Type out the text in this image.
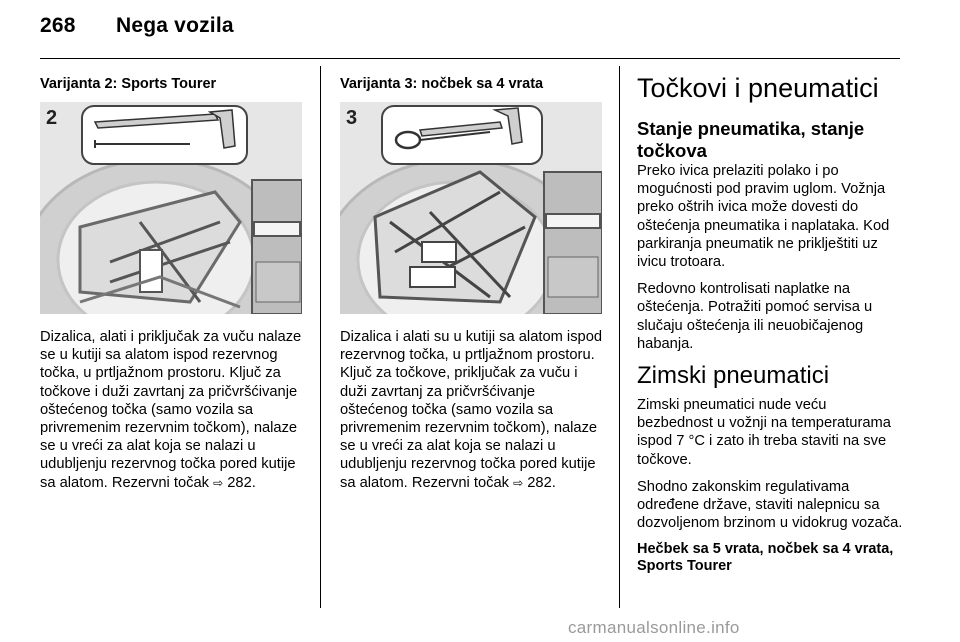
268 Nega vozila

Varijanta 2: Sports Tourer

2

Dizalica, alati i priključak za vuču nalaze se u kutiji sa alatom ispod rezervnog točka, u prtljažnom prostoru. Ključ za točkove i duži zavrtanj za pričvršćivanje oštećenog točka (samo vozila sa privremenim rezervnim točkom), nalaze se u vreći za alat koja se nalazi u udubljenju rezervnog točka pored kutije sa alatom. Rezervni točak ⇨ 282.

Varijanta 3: nočbek sa 4 vrata

3

Dizalica i alati su u kutiji sa alatom ispod rezervnog točka, u prtljažnom prostoru. Ključ za točkove, priključak za vuču i duži zavrtanj za pričvršćivanje oštećenog točka (samo vozila sa privremenim rezervnim točkom), nalaze se u vreći za alat koja se nalazi u udubljenju rezervnog točka pored kutije sa alatom. Rezervni točak ⇨ 282.

Točkovi i pneumatici
Stanje pneumatika, stanje točkova

Preko ivica prelaziti polako i po mogućnosti pod pravim uglom. Vožnja preko oštrih ivica može dovesti do oštećenja pneumatika i naplataka. Kod parkiranja pneumatik ne priklještiti uz ivicu trotoara.

Redovno kontrolisati naplatke na oštećenja. Potražiti pomoć servisa u slučaju oštećenja ili neuobičajenog habanja.

Zimski pneumatici

Zimski pneumatici nude veću bezbednost u vožnji na temperaturama ispod 7 °C i zato ih treba staviti na sve točkove.

Shodno zakonskim regulativama određene države, staviti nalepnicu sa dozvoljenom brzinom u vidokrug vozača.

Hečbek sa 5 vrata, nočbek sa 4 vrata, Sports Tourer

carmanualsonline.info
